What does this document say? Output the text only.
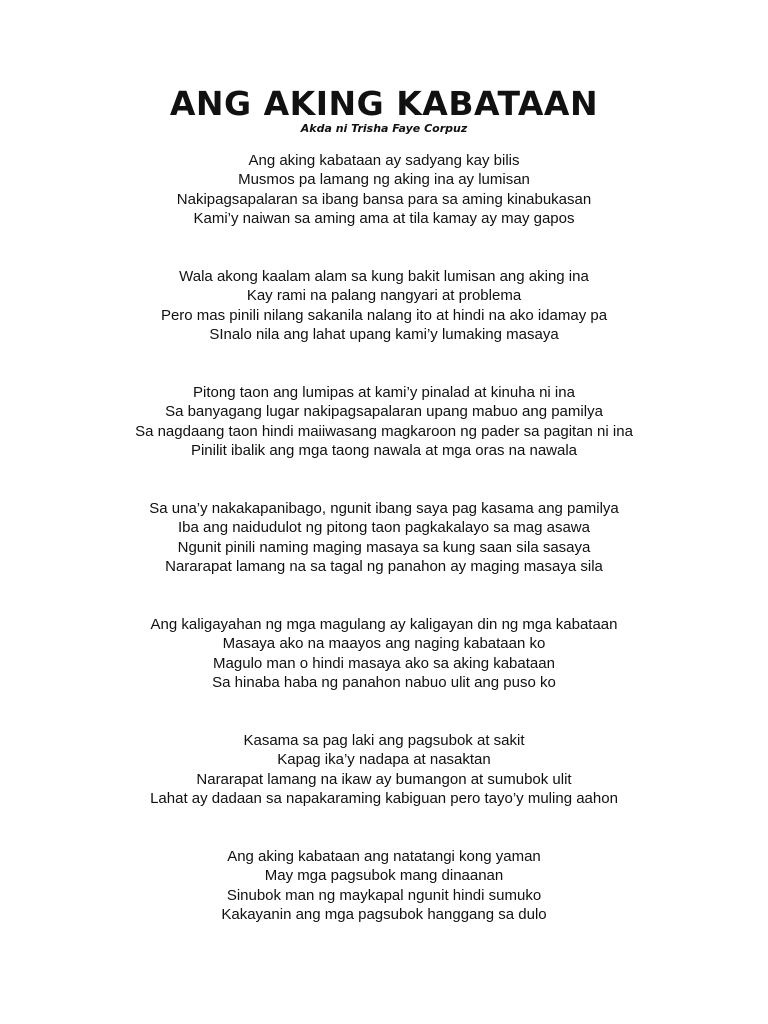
ANG AKING KABATAAN
Akda ni Trisha Faye Corpuz

Ang aking kabataan ay sadyang kay bilis

Musmos pa lamang ng aking ina ay lumisan

Nakipagsapalaran sa ibang bansa para sa aming kinabukasan

Kami’y naiwan sa aming ama at tila kamay ay may gapos

Wala akong kaalam alam sa kung bakit lumisan ang aking ina

Kay rami na palang nangyari at problema

Pero mas pinili nilang sakanila nalang ito at hindi na ako idamay pa

SInalo nila ang lahat upang kami’y lumaking masaya

Pitong taon ang lumipas at kami’y pinalad at kinuha ni ina

Sa banyagang lugar nakipagsapalaran upang mabuo ang pamilya

Sa nagdaang taon hindi maiiwasang magkaroon ng pader sa pagitan ni ina

Pinilit ibalik ang mga taong nawala at mga oras na nawala

Sa una’y nakakapanibago, ngunit ibang saya pag kasama ang pamilya

Iba ang naidudulot ng pitong taon pagkakalayo sa mag asawa

Ngunit pinili naming maging masaya sa kung saan sila sasaya

Nararapat lamang na sa tagal ng panahon ay maging masaya sila

Ang kaligayahan ng mga magulang ay kaligayan din ng mga kabataan

Masaya ako na maayos ang naging kabataan ko

Magulo man o hindi masaya ako sa aking kabataan

Sa hinaba haba ng panahon nabuo ulit ang puso ko

Kasama sa pag laki ang pagsubok at sakit

Kapag ika’y nadapa at nasaktan

Nararapat lamang na ikaw ay bumangon at sumubok ulit

Lahat ay dadaan sa napakaraming kabiguan pero tayo’y muling aahon

Ang aking kabataan ang natatangi kong yaman

May mga pagsubok mang dinaanan

Sinubok man ng maykapal ngunit hindi sumuko

Kakayanin ang mga pagsubok hanggang sa dulo
